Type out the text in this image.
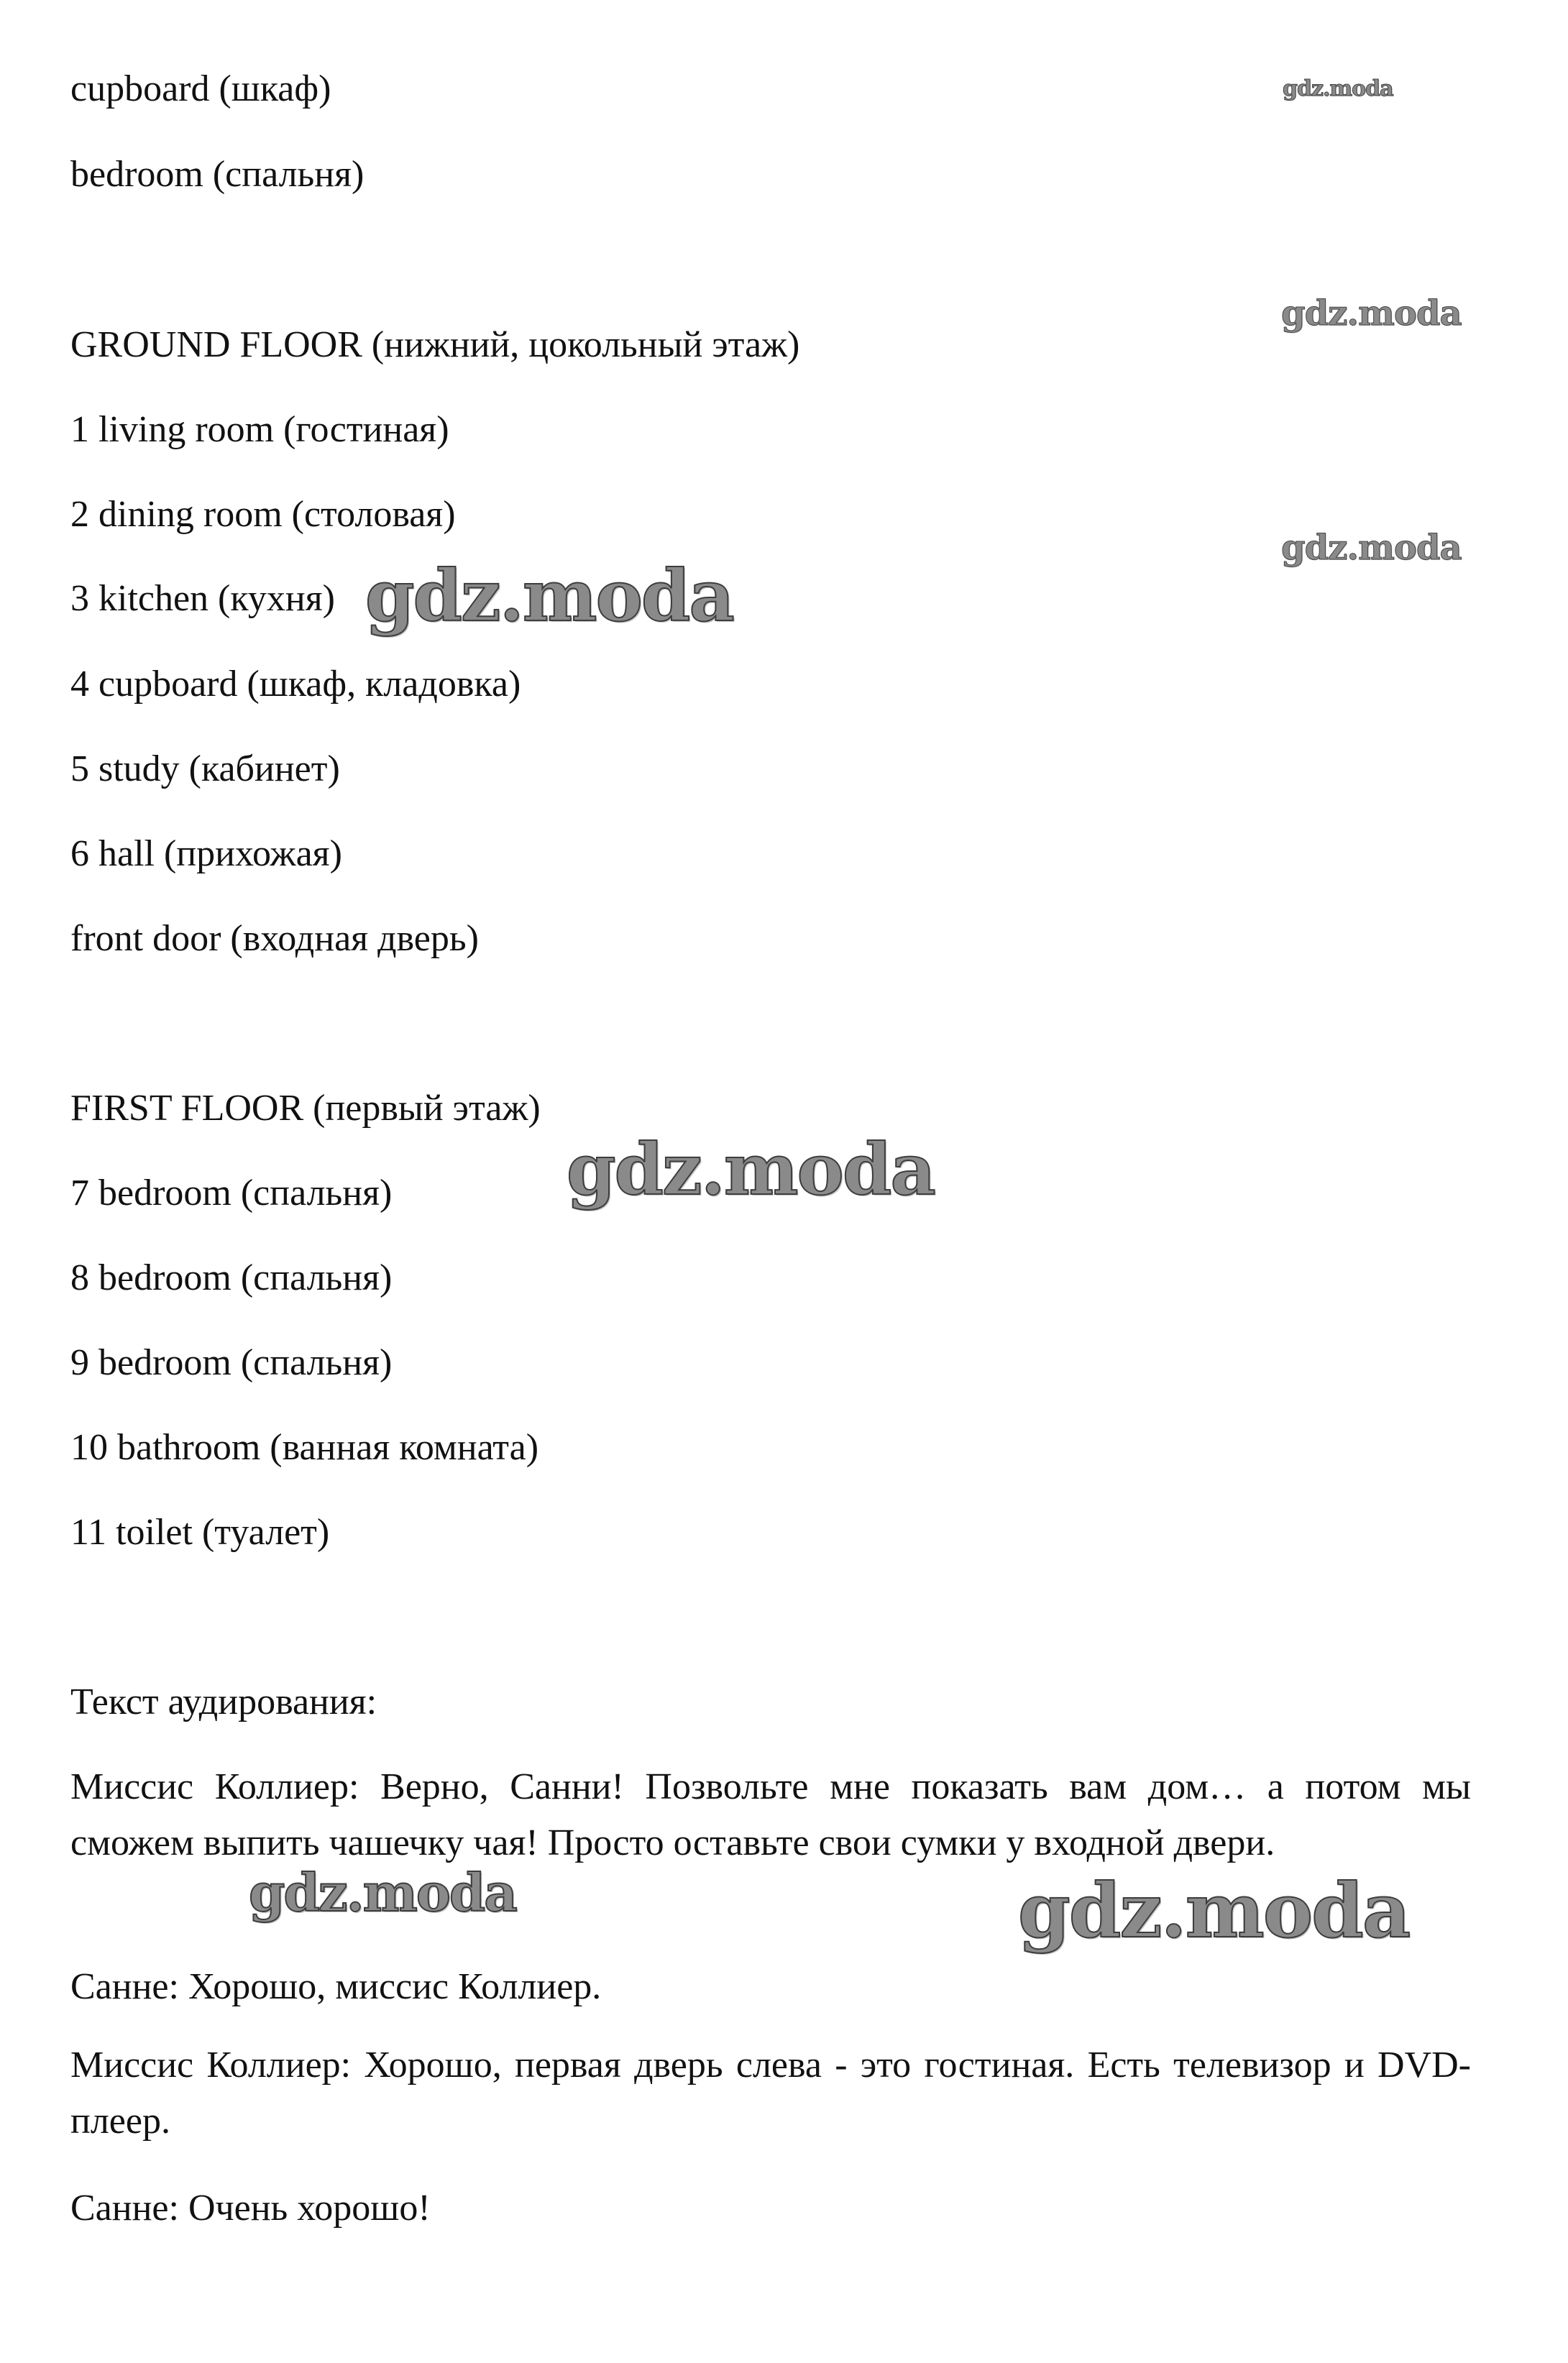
cupboard (шкаф)
bedroom (спальня)
GROUND FLOOR (нижний, цокольный этаж)
1 living room (гостиная)
2 dining room (столовая)
3 kitchen (кухня)
4 cupboard (шкаф, кладовка)
5 study (кабинет)
6 hall (прихожая)
front door (входная дверь)
FIRST FLOOR (первый этаж)
7 bedroom (спальня)
8 bedroom (спальня)
9 bedroom (спальня)
10 bathroom (ванная комната)
11 toilet (туалет)
Текст аудирования:
Миссис Коллиер: Верно, Санни! Позвольте мне показать вам дом… а потом мы сможем выпить чашечку чая! Просто оставьте свои сумки у входной двери.
Санне: Хорошо, миссис Коллиер.
Миссис Коллиер: Хорошо, первая дверь слева - это гостиная. Есть телевизор и DVD-плеер.
Санне: Очень хорошо!
gdz.moda
gdz.moda
gdz.moda
gdz.moda
gdz.moda
gdz.moda	gdz.moda
